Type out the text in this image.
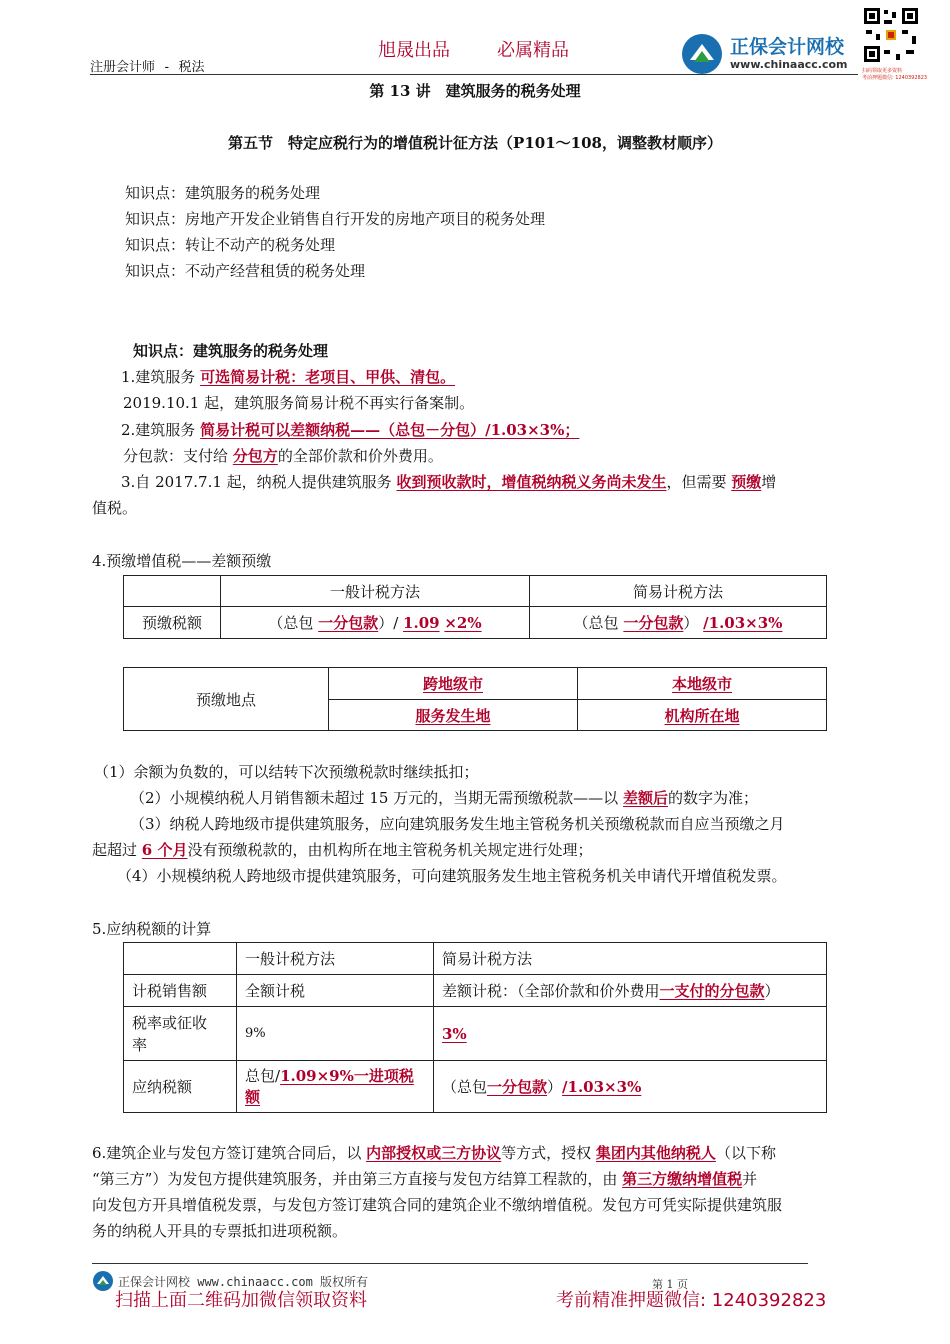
注册会计师 - 税法
旭晟出品	必属精品	正保会计网校
www.chinaacc.com	扫码领取更多资料
考前押题微信: 1240392823
第 13 讲　建筑服务的税务处理
第五节　特定应税行为的增值税计征方法（P101～108，调整教材顺序）
知识点：建筑服务的税务处理
知识点：房地产开发企业销售自行开发的房地产项目的税务处理
知识点：转让不动产的税务处理
知识点：不动产经营租赁的税务处理
知识点：建筑服务的税务处理
1.建筑服务 可选简易计税：老项目、甲供、清包。
2019.10.1 起，建筑服务简易计税不再实行备案制。
2.建筑服务 简易计税可以差额纳税——（总包－分包）/1.03×3%；
分包款：支付给 分包方的全部价款和价外费用。
3.自 2017.7.1 起，纳税人提供建筑服务 收到预收款时，增值税纳税义务尚未发生，但需要 预缴增
值税。
4.预缴增值税——差额预缴
	一般计税方法	简易计税方法
预缴税额	（总包 一分包款）/ 1.09 ×2%	（总包 一分包款） /1.03×3%
预缴地点	跨地级市	本地级市
	服务发生地	机构所在地
（1）余额为负数的，可以结转下次预缴税款时继续抵扣；
（2）小规模纳税人月销售额未超过 15 万元的，当期无需预缴税款——以 差额后的数字为准；
（3）纳税人跨地级市提供建筑服务，应向建筑服务发生地主管税务机关预缴税款而自应当预缴之月
起超过 6 个月没有预缴税款的，由机构所在地主管税务机关规定进行处理；
（4）小规模纳税人跨地级市提供建筑服务，可向建筑服务发生地主管税务机关申请代开增值税发票。
5.应纳税额的计算
	一般计税方法	简易计税方法
计税销售额	全额计税	差额计税：（全部价款和价外费用一支付的分包款）

税率或征收
率	9%	3%
应纳税额	总包/1.09×9%一进项税
额	（总包一分包款）/1.03×3%
6.建筑企业与发包方签订建筑合同后，以 内部授权或三方协议等方式，授权 集团内其他纳税人（以下称
“第三方”）为发包方提供建筑服务，并由第三方直接与发包方结算工程款的，由 第三方缴纳增值税并
向发包方开具增值税发票，与发包方签订建筑合同的建筑企业不缴纳增值税。发包方可凭实际提供建筑服
务的纳税人开具的专票抵扣进项税额。
正保会计网校 www.chinaacc.com 版权所有	第 1 页
扫描上面二维码加微信领取资料	考前精准押题微信: 1240392823
